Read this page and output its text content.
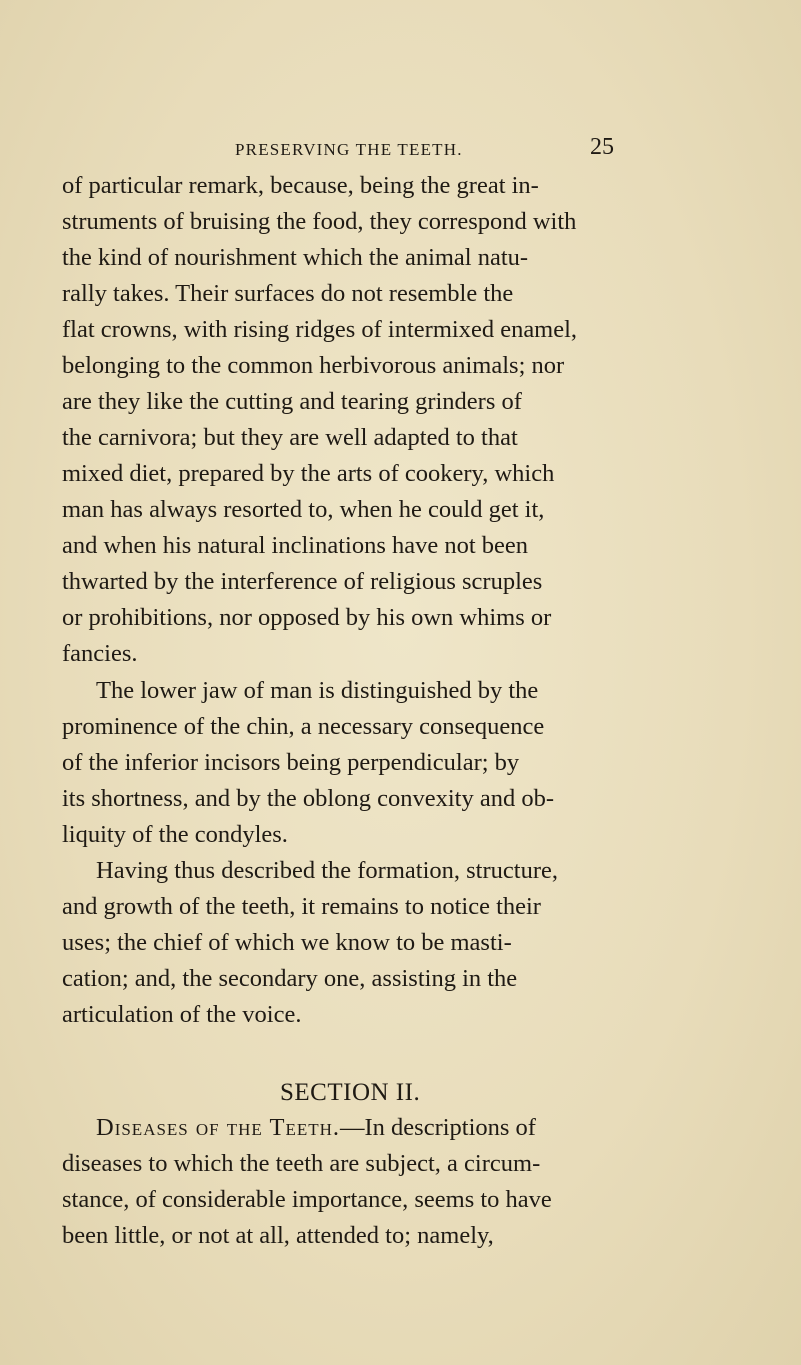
PRESERVING THE TEETH.	25
of particular remark, because, being the great in-
struments of bruising the food, they correspond with
the kind of nourishment which the animal natu-
rally takes. Their surfaces do not resemble the
flat crowns, with rising ridges of intermixed enamel,
belonging to the common herbivorous animals; nor
are they like the cutting and tearing grinders of
the carnivora; but they are well adapted to that
mixed diet, prepared by the arts of cookery, which
man has always resorted to, when he could get it,
and when his natural inclinations have not been
thwarted by the interference of religious scruples
or prohibitions, nor opposed by his own whims or
fancies.
The lower jaw of man is distinguished by the
prominence of the chin, a necessary consequence
of the inferior incisors being perpendicular; by
its shortness, and by the oblong convexity and ob-
liquity of the condyles.
Having thus described the formation, structure,
and growth of the teeth, it remains to notice their
uses; the chief of which we know to be masti-
cation; and, the secondary one, assisting in the
articulation of the voice.
SECTION II.
Diseases of the Teeth.—In descriptions of
diseases to which the teeth are subject, a circum-
stance, of considerable importance, seems to have
been little, or not at all, attended to; namely,
